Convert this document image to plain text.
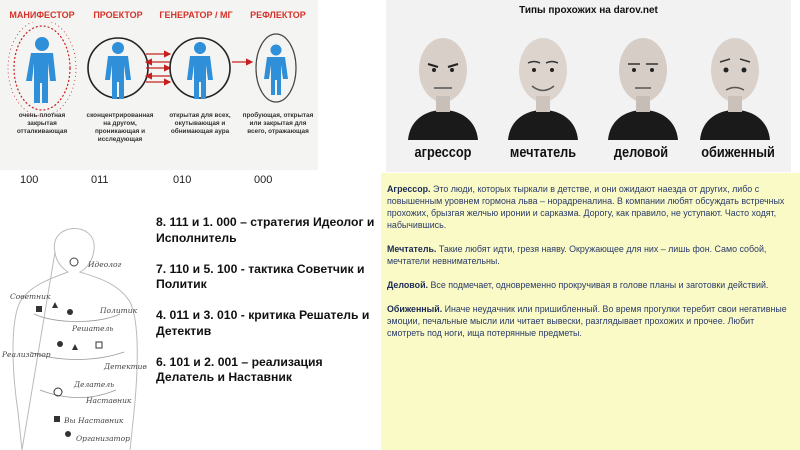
МАНИФЕСТОР	ПРОЕКТОР	ГЕНЕРАТОР / МГ	РЕФЛЕКТОР
очень плотная закрытая отталкивающая
сконцентрированная на другом, проникающая и исследующая
открытая для всех, окутывающая и обнимающая аура
пробующая, открытая или закрытая для всего, отражающая
100	011	010	000
Идеолог
Советник
Реализатор
Политик
Решатель
Детектив
Делатель
Наставник
Вы Наставник
Организатор
8. 111 и 1. 000 – стратегия Идеолог и Исполнитель
7. 110 и 5. 100 - тактика Советчик и Политик
4. 011 и 3. 010 - критика Решатель и Детектив
6. 101 и 2. 001 – реализация Делатель и Наставник
Типы прохожих на darov.net
агрессор	мечтатель	деловой	обиженный

Агрессор. Это люди, которых тыркали в детстве, и они ожидают наезда от других, либо с повышенным уровнем гормона льва – норадреналина. В компании любят обсуждать встречных прохожих, брызгая желчью иронии и сарказма. Дорогу, как правило, не уступают. Часто ходят, набычившись.

Мечтатель. Такие любят идти, грезя наяву. Окружающее для них – лишь фон. Само собой, мечтатели невнимательны.

Деловой. Все подмечает, одновременно прокручивая в голове планы и заготовки действий.

Обиженный. Иначе неудачник или пришибленный. Во время прогулки теребит свои негативные эмоции, печальные мысли или читает вывески, разглядывает прохожих и прочее. Любит смотреть под ноги, ища потерянные предметы.
